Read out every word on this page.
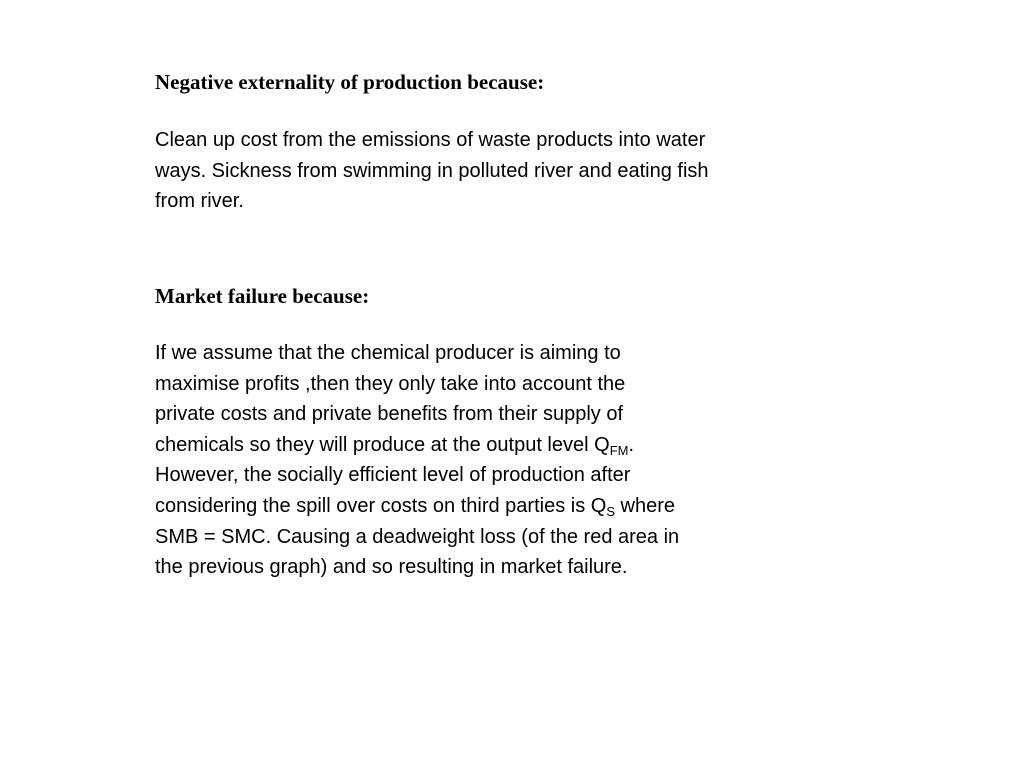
Negative externality of production because:

Clean up cost from the emissions of waste products into water
ways. Sickness from swimming in polluted river and eating fish
from river.

Market failure because:

If we assume that the chemical producer is aiming to
maximise profits ,then they only take into account the
private costs and private benefits from their supply of
chemicals so they will produce at the output level $Q_{FM}$.
However, the socially efficient level of production after
considering the spill over costs on third parties is $Q_S$ where
SMB = SMC. Causing a deadweight loss (of the red area in
the previous graph) and so resulting in market failure.
